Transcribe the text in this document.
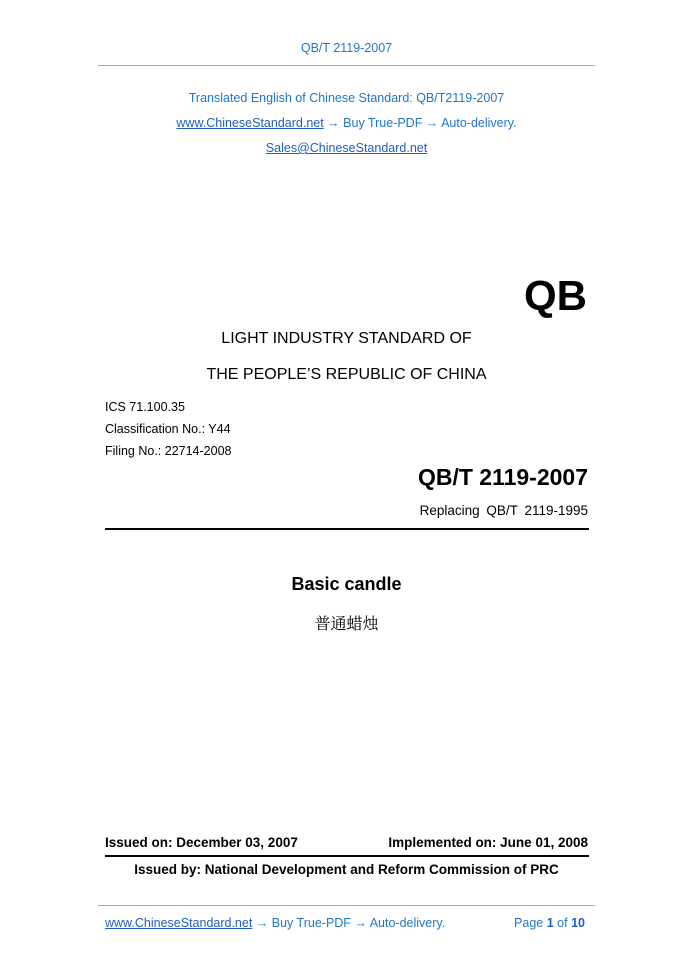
QB/T 2119-2007
Translated English of Chinese Standard: QB/T2119-2007
www.ChineseStandard.net → Buy True-PDF → Auto-delivery.
Sales@ChineseStandard.net
QB
LIGHT INDUSTRY STANDARD OF
THE PEOPLE’S REPUBLIC OF CHINA
ICS 71.100.35
Classification No.: Y44
Filing No.: 22714-2008
QB/T 2119-2007
Replacing QB/T 2119-1995
Basic candle
普通蜡烛
Issued on: December 03, 2007	Implemented on: June 01, 2008
Issued by: National Development and Reform Commission of PRC
www.ChineseStandard.net → Buy True-PDF → Auto-delivery.	Page 1 of 10
